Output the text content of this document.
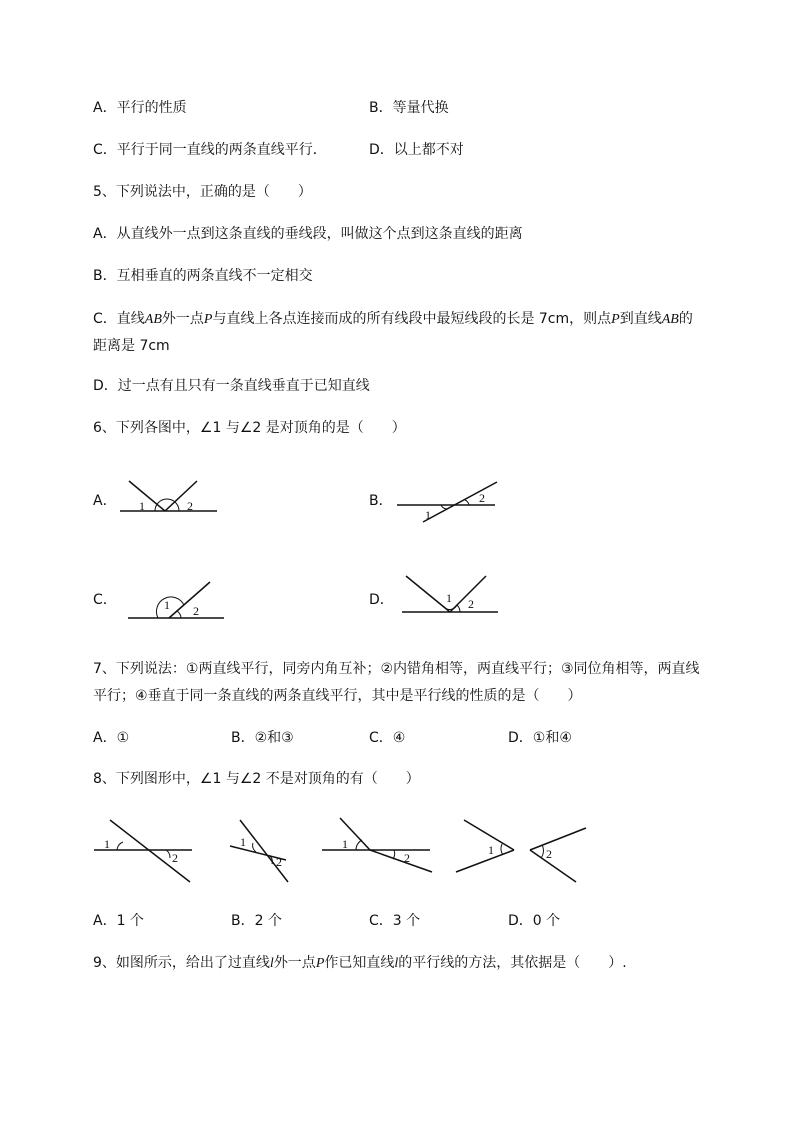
A．平行的性质	B．等量代换
C．平行于同一直线的两条直线平行．	D．以上都不对
5、下列说法中，正确的是（　　）
A．从直线外一点到这条直线的垂线段，叫做这个点到这条直线的距离
B．互相垂直的两条直线不一定相交
C．直线AB外一点P与直线上各点连接而成的所有线段中最短线段的长是 7cm，则点P到直线AB的
距离是 7cm
D．过一点有且只有一条直线垂直于已知直线
6、下列各图中，∠1 与∠2 是对顶角的是（　　）
A． 1	2	B．
1
2
C．	1 2
D．	1 2
7、下列说法：①两直线平行，同旁内角互补；②内错角相等，两直线平行；③同位角相等，两直线
平行；④垂直于同一条直线的两条直线平行，其中是平行线的性质的是（　　）
A．①	B．②和③	C．④	D．①和④
8、下列图形中，∠1 与∠2 不是对顶角的有（　　）
1
2
1
2
1
2
1	2
A．1 个	B．2 个	C．3 个	D．0 个
9、如图所示，给出了过直线l外一点P作已知直线l的平行线的方法，其依据是（　　）.
